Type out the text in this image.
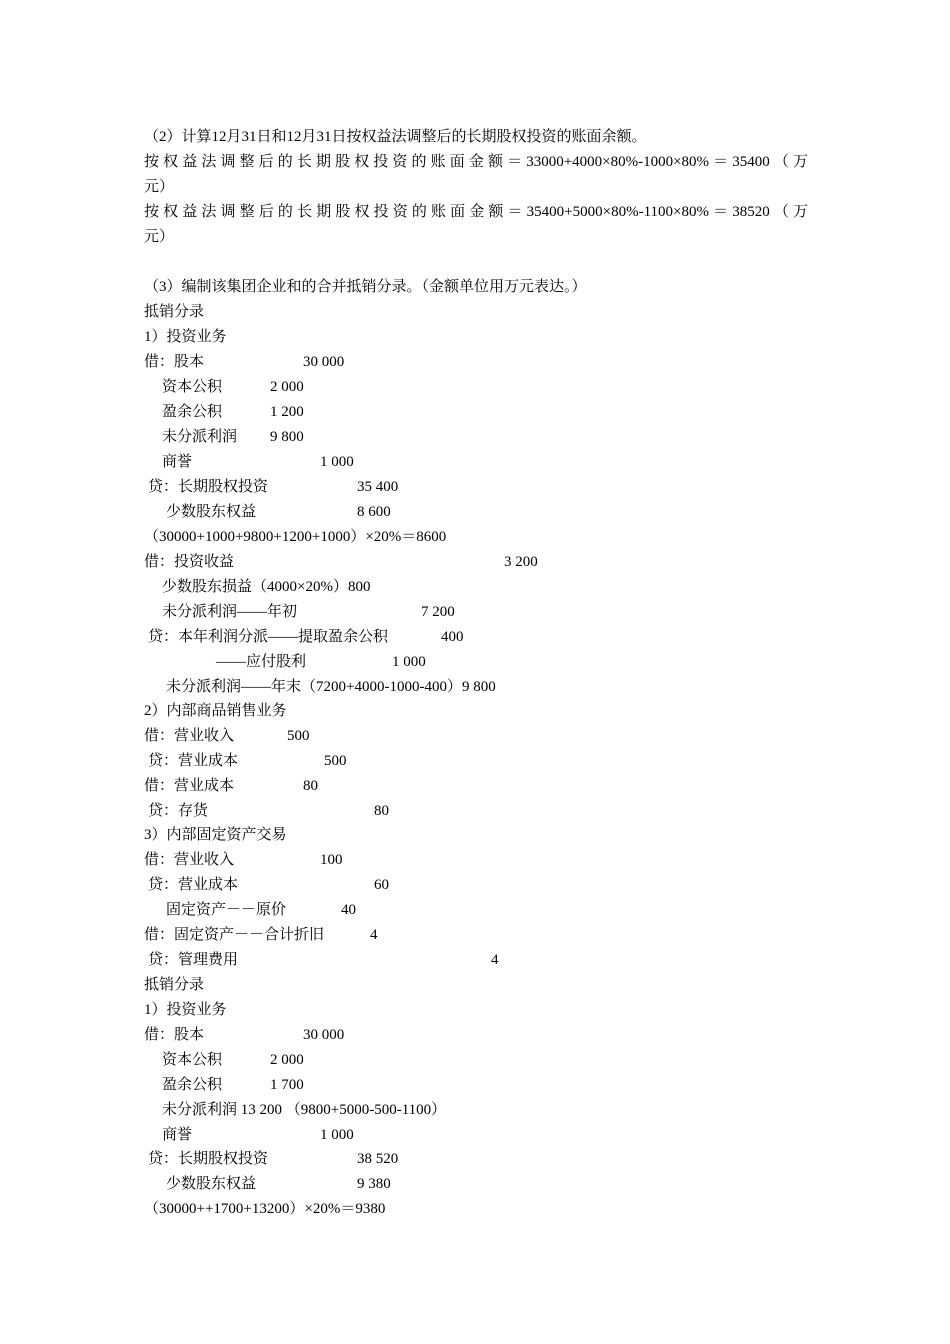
（2）计算12月31日和12月31日按权益法调整后的长期股权投资的账面余额。
按权益法调整后的长期股权投资的账面金额＝33000+4000×80%-1000×80%＝35400（万
元）
按权益法调整后的长期股权投资的账面金额＝35400+5000×80%-1100×80%＝38520（万
元）
（3）编制该集团企业和的合并抵销分录。（金额单位用万元表达。）
抵销分录
1）投资业务
借：股本	30 000
资本公积	2 000
盈余公积	1 200
未分派利润 9 800
商誉	1 000
贷：长期股权投资	35 400
少数股东权益	8 600
（30000+1000+9800+1200+1000）×20%＝8600
借：投资收益	3 200
少数股东损益（4000×20%）800
未分派利润——年初	7 200
贷：本年利润分派——提取盈余公积	400
——应付股利	1 000
未分派利润——年末（7200+4000-1000-400）9 800
2）内部商品销售业务
借：营业收入	500
贷：营业成本	500
借：营业成本	80
贷：存货	80
3）内部固定资产交易
借：营业收入	100
贷：营业成本	60
固定资产－－原价	40
借：固定资产－－合计折旧	4
贷：管理费用	4
抵销分录
1）投资业务
借：股本	30 000
资本公积	2 000
盈余公积	1 700
未分派利润 13 200 （9800+5000-500-1100）
商誉	1 000
贷：长期股权投资	38 520
少数股东权益	9 380
（30000++1700+13200）×20%＝9380
